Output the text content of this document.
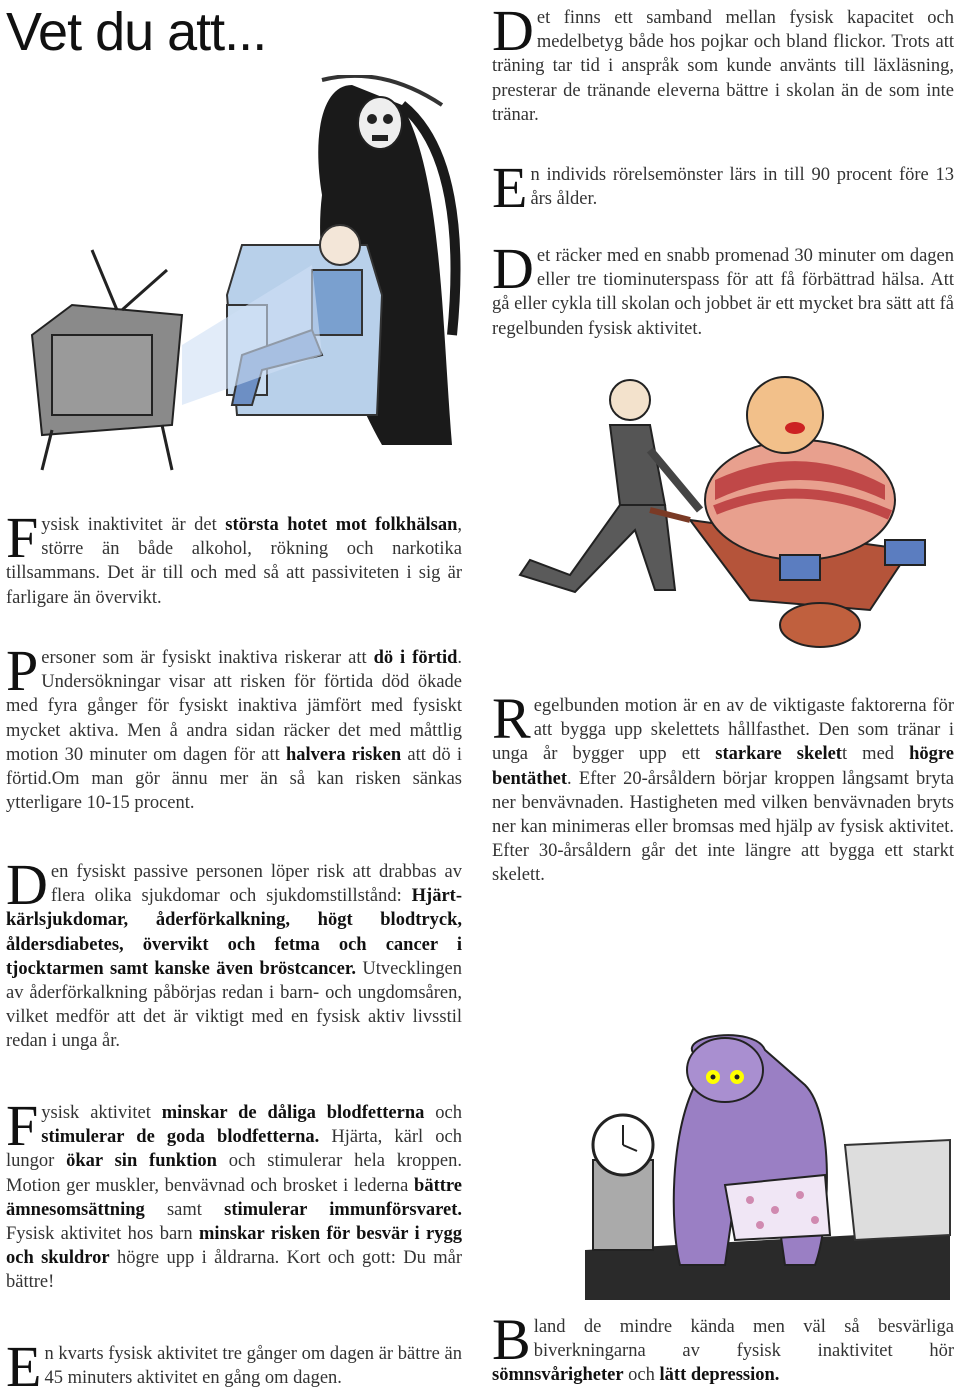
Vet du att...	Det finns ett samband mellan fysisk kapacitet och medelbetyg både hos pojkar och bland flickor. Trots att träning tar tid i anspråk som kunde använts till läxläsning, presterar de tränande eleverna bättre i skolan än de som inte tränar.
En individs rörelsemönster lärs in till 90 procent före 13 års ålder.
Det räcker med en snabb promenad 30 minuter om dagen eller tre tiominuterspass för att få förbättrad hälsa. Att gå eller cykla till skolan och jobbet är ett mycket bra sätt att få regelbunden fysisk aktivitet.
Fysisk inaktivitet är det största hotet mot folkhälsan, större än både alkohol, rökning och narkotika tillsammans. Det är till och med så att passiviteten i sig är farligare än övervikt.
Personer som är fysiskt inaktiva riskerar att dö i förtid. Undersökningar visar att risken för förtida död ökade med fyra gånger för fysiskt inaktiva jämfört med fysiskt mycket aktiva. Men å andra sidan räcker det med måttlig motion 30 minuter om dagen för att halvera risken att dö i förtid.Om man gör ännu mer än så kan risken sänkas ytterligare 10-15 procent.
Den fysiskt passive personen löper risk att drabbas av flera olika sjukdomar och sjukdomstillstånd: Hjärt-kärlsjukdomar, åderförkalkning, högt blodtryck, åldersdiabetes, övervikt och fetma och cancer i tjocktarmen samt kanske även bröstcancer. Utvecklingen av åderförkalkning påbörjas redan i barn- och ungdomsåren, vilket medför att det är viktigt med en fysisk aktiv livsstil redan i unga år.
Fysisk aktivitet minskar de dåliga blodfetterna och stimulerar de goda blodfetterna. Hjärta, kärl och lungor ökar sin funktion och stimulerar hela kroppen. Motion ger muskler, benvävnad och brosket i lederna bättre ämnesomsättning samt stimulerar immunförsvaret. Fysisk aktivitet hos barn minskar risken för besvär i rygg och skuldror högre upp i åldrarna. Kort och gott: Du mår bättre!
En kvarts fysisk aktivitet tre gånger om dagen är bättre än 45 minuters aktivitet en gång om dagen.
Regelbunden motion är en av de viktigaste faktorerna för att bygga upp skelettets hållfasthet. Den som tränar i unga år bygger upp ett starkare skelett med högre bentäthet. Efter 20-årsåldern börjar kroppen långsamt bryta ner benvävnaden. Hastigheten med vilken benvävnaden bryts ner kan minimeras eller bromsas med hjälp av fysisk aktivitet. Efter 30-årsåldern går det inte längre att bygga ett starkt skelett.
Bland de mindre kända men väl så besvärliga biverkningarna av fysisk inaktivitet hör sömnsvårigheter och lätt depression.
